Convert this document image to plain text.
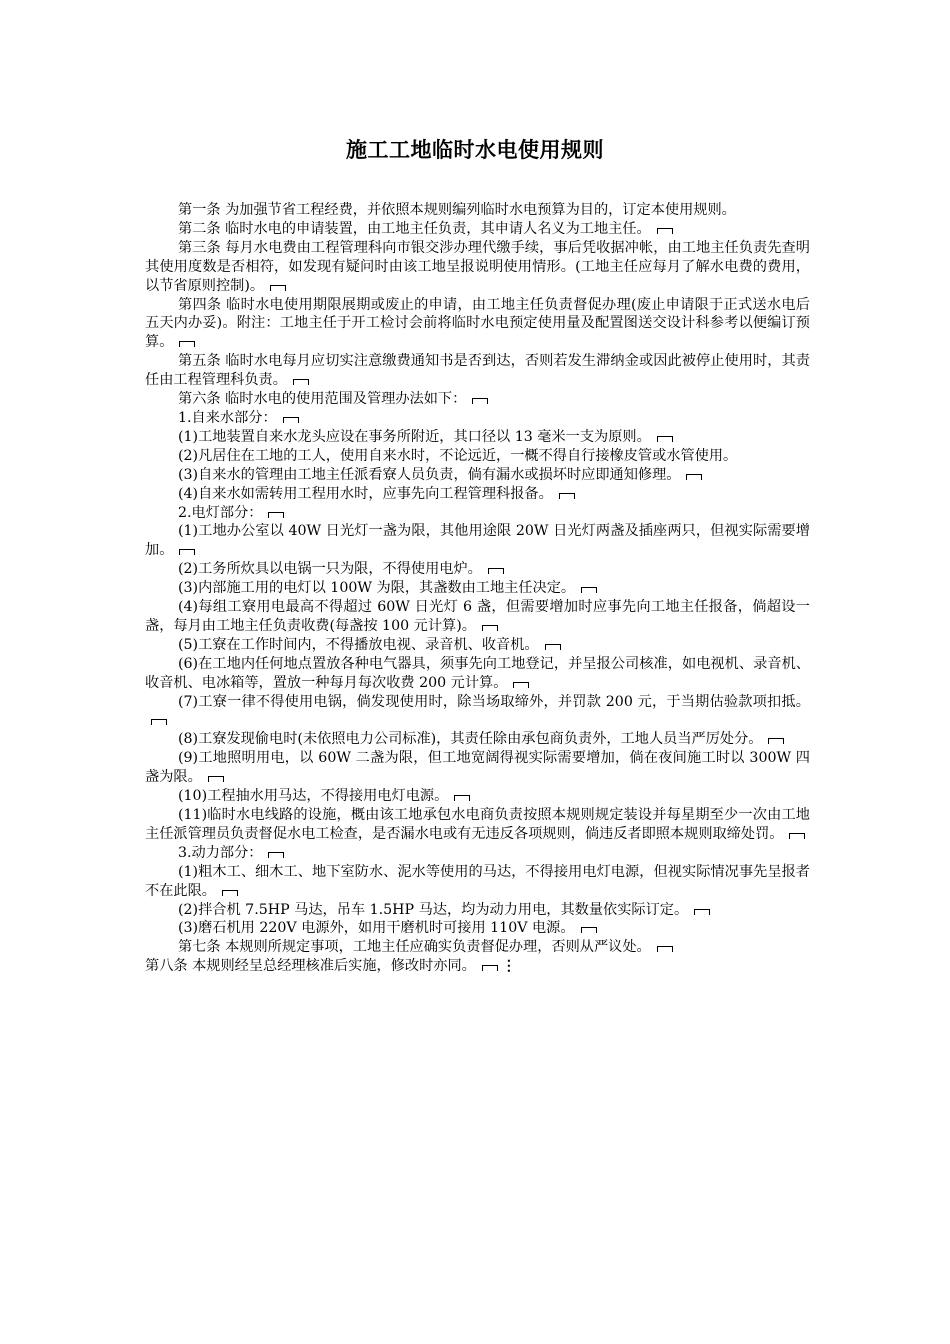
施工工地临时水电使用规则

第一条 为加强节省工程经费，并依照本规则编列临时水电预算为目的，订定本使用规则。

第二条 临时水电的申请装置，由工地主任负责，其申请人名义为工地主任。

第三条 每月水电费由工程管理科向市银交涉办理代缴手续，事后凭收据冲帐，由工地主任负责先查明其使用度数是否相符，如发现有疑问时由该工地呈报说明使用情形。(工地主任应每月了解水电费的费用，以节省原则控制)。

第四条 临时水电使用期限展期或废止的申请，由工地主任负责督促办理(废止申请限于正式送水电后五天内办妥)。附注：工地主任于开工检讨会前将临时水电预定使用量及配置图送交设计科参考以便编订预算。

第五条 临时水电每月应切实注意缴费通知书是否到达，否则若发生滞纳金或因此被停止使用时，其责任由工程管理科负责。

第六条 临时水电的使用范围及管理办法如下：

1.自来水部分：

(1)工地装置自来水龙头应设在事务所附近，其口径以 13 毫米一支为原则。

(2)凡居住在工地的工人，使用自来水时，不论远近，一概不得自行接橡皮管或水管使用。

(3)自来水的管理由工地主任派看寮人员负责，倘有漏水或损坏时应即通知修理。

(4)自来水如需转用工程用水时，应事先向工程管理科报备。

2.电灯部分：

(1)工地办公室以 40W 日光灯一盏为限，其他用途限 20W 日光灯两盏及插座两只，但视实际需要增加。

(2)工务所炊具以电锅一只为限，不得使用电炉。

(3)内部施工用的电灯以 100W 为限，其盏数由工地主任决定。

(4)每组工寮用电最高不得超过 60W 日光灯 6 盏，但需要增加时应事先向工地主任报备，倘超设一盏，每月由工地主任负责收费(每盏按 100 元计算)。

(5)工寮在工作时间内，不得播放电视、录音机、收音机。

(6)在工地内任何地点置放各种电气器具，须事先向工地登记，并呈报公司核准，如电视机、录音机、收音机、电冰箱等，置放一种每月每次收费 200 元计算。

(7)工寮一律不得使用电锅，倘发现使用时，除当场取缔外，并罚款 200 元，于当期估验款项扣抵。

(8)工寮发现偷电时(未依照电力公司标准)，其责任除由承包商负责外，工地人员当严厉处分。

(9)工地照明用电，以 60W 二盏为限，但工地宽阔得视实际需要增加，倘在夜间施工时以 300W 四盏为限。

(10)工程抽水用马达，不得接用电灯电源。

(11)临时水电线路的设施，概由该工地承包水电商负责按照本规则规定装设并每星期至少一次由工地主任派管理员负责督促水电工检查，是否漏水电或有无违反各项规则，倘违反者即照本规则取缔处罚。

3.动力部分：

(1)粗木工、细木工、地下室防水、泥水等使用的马达，不得接用电灯电源，但视实际情况事先呈报者不在此限。

(2)拌合机 7.5HP 马达，吊车 1.5HP 马达，均为动力用电，其数量依实际订定。

(3)磨石机用 220V 电源外，如用干磨机时可接用 110V 电源。

第七条 本规则所规定事项，工地主任应确实负责督促办理，否则从严议处。

第八条 本规则经呈总经理核准后实施，修改时亦同。 ⋮
